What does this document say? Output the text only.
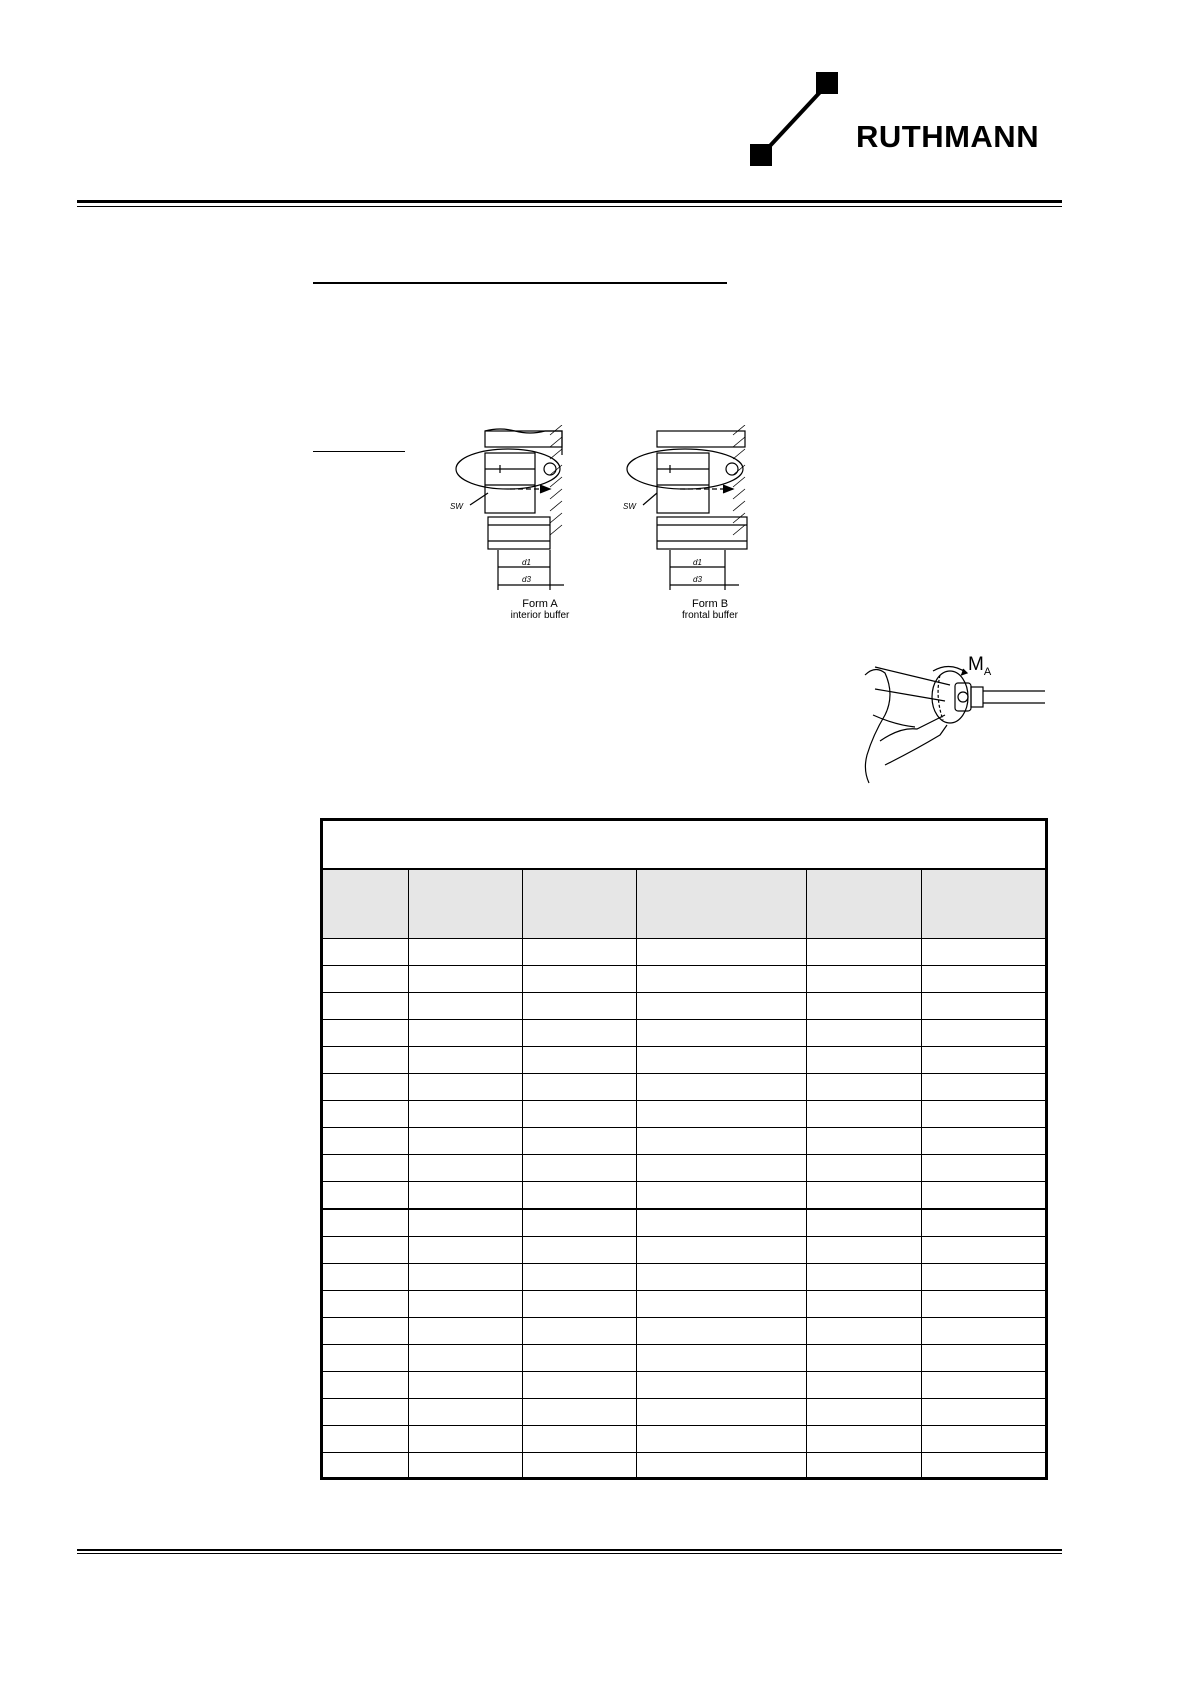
RUTHMANN
SW
d1
d3
Form A
interior buffer
SW
d1
d3
Form B
frontal buffer
$M_A$
